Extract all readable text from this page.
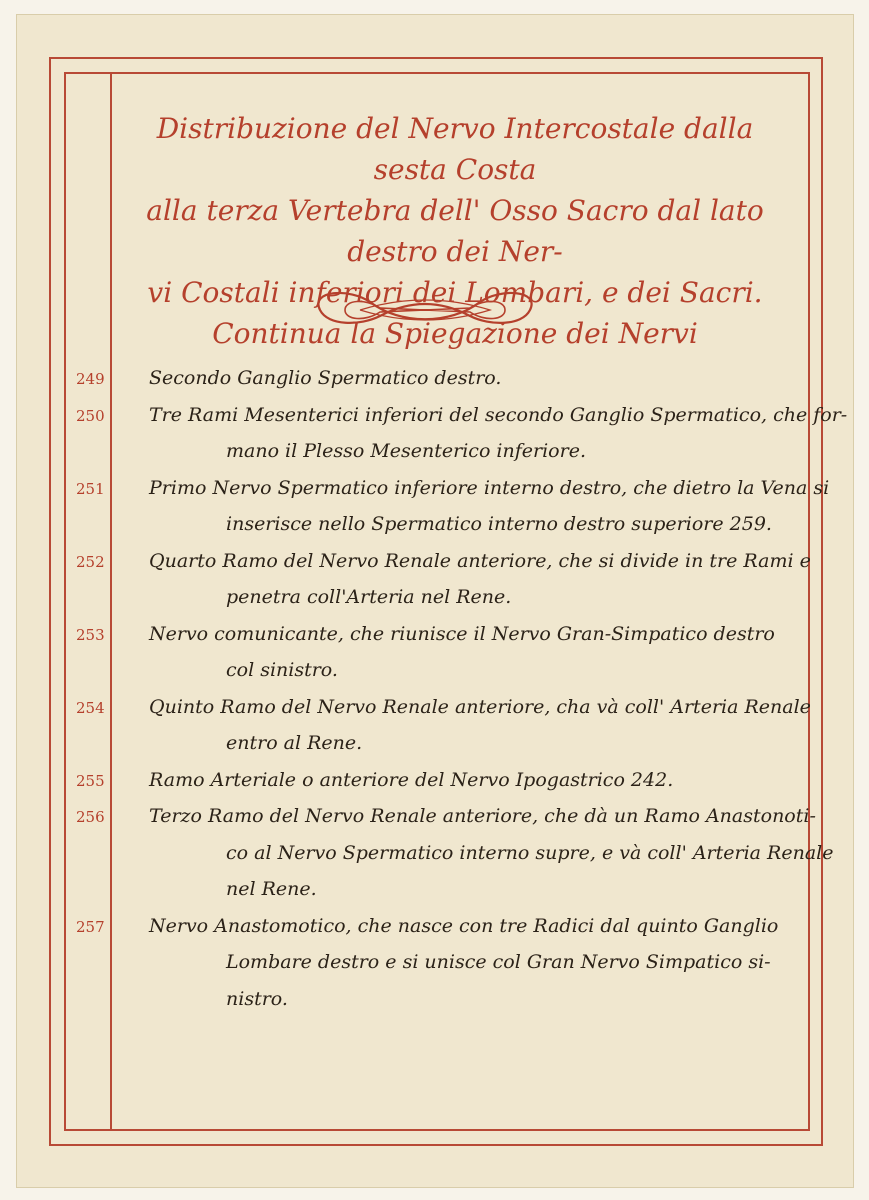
Distribuzione del Nervo Intercostale dalla sesta Costa
alla terza Vertebra dell' Osso Sacro dal lato destro dei Ner-
vi Costali inferiori dei Lombari, e dei Sacri.
Continua la Spiegazione dei Nervi
249	Secondo Ganglio Spermatico destro.
250	Tre Rami Mesenterici inferiori del secondo Ganglio Spermatico, che for-
mano il Plesso Mesenterico inferiore.
251	Primo Nervo Spermatico inferiore interno destro, che dietro la Vena si
inserisce nello Spermatico interno destro superiore 259.
252	Quarto Ramo del Nervo Renale anteriore, che si divide in tre Rami e
penetra coll'Arteria nel Rene.
253	Nervo comunicante, che riunisce il Nervo Gran-Simpatico destro
col sinistro.
254	Quinto Ramo del Nervo Renale anteriore, cha và coll' Arteria Renale
entro al Rene.
255	Ramo Arteriale o anteriore del Nervo Ipogastrico 242.
256	Terzo Ramo del Nervo Renale anteriore, che dà un Ramo Anastonoti-
co al Nervo Spermatico interno supre, e và coll' Arteria Renale
nel Rene.
257	Nervo Anastomotico, che nasce con tre Radici dal quinto Ganglio
Lombare destro e si unisce col Gran Nervo Simpatico si-
nistro.
